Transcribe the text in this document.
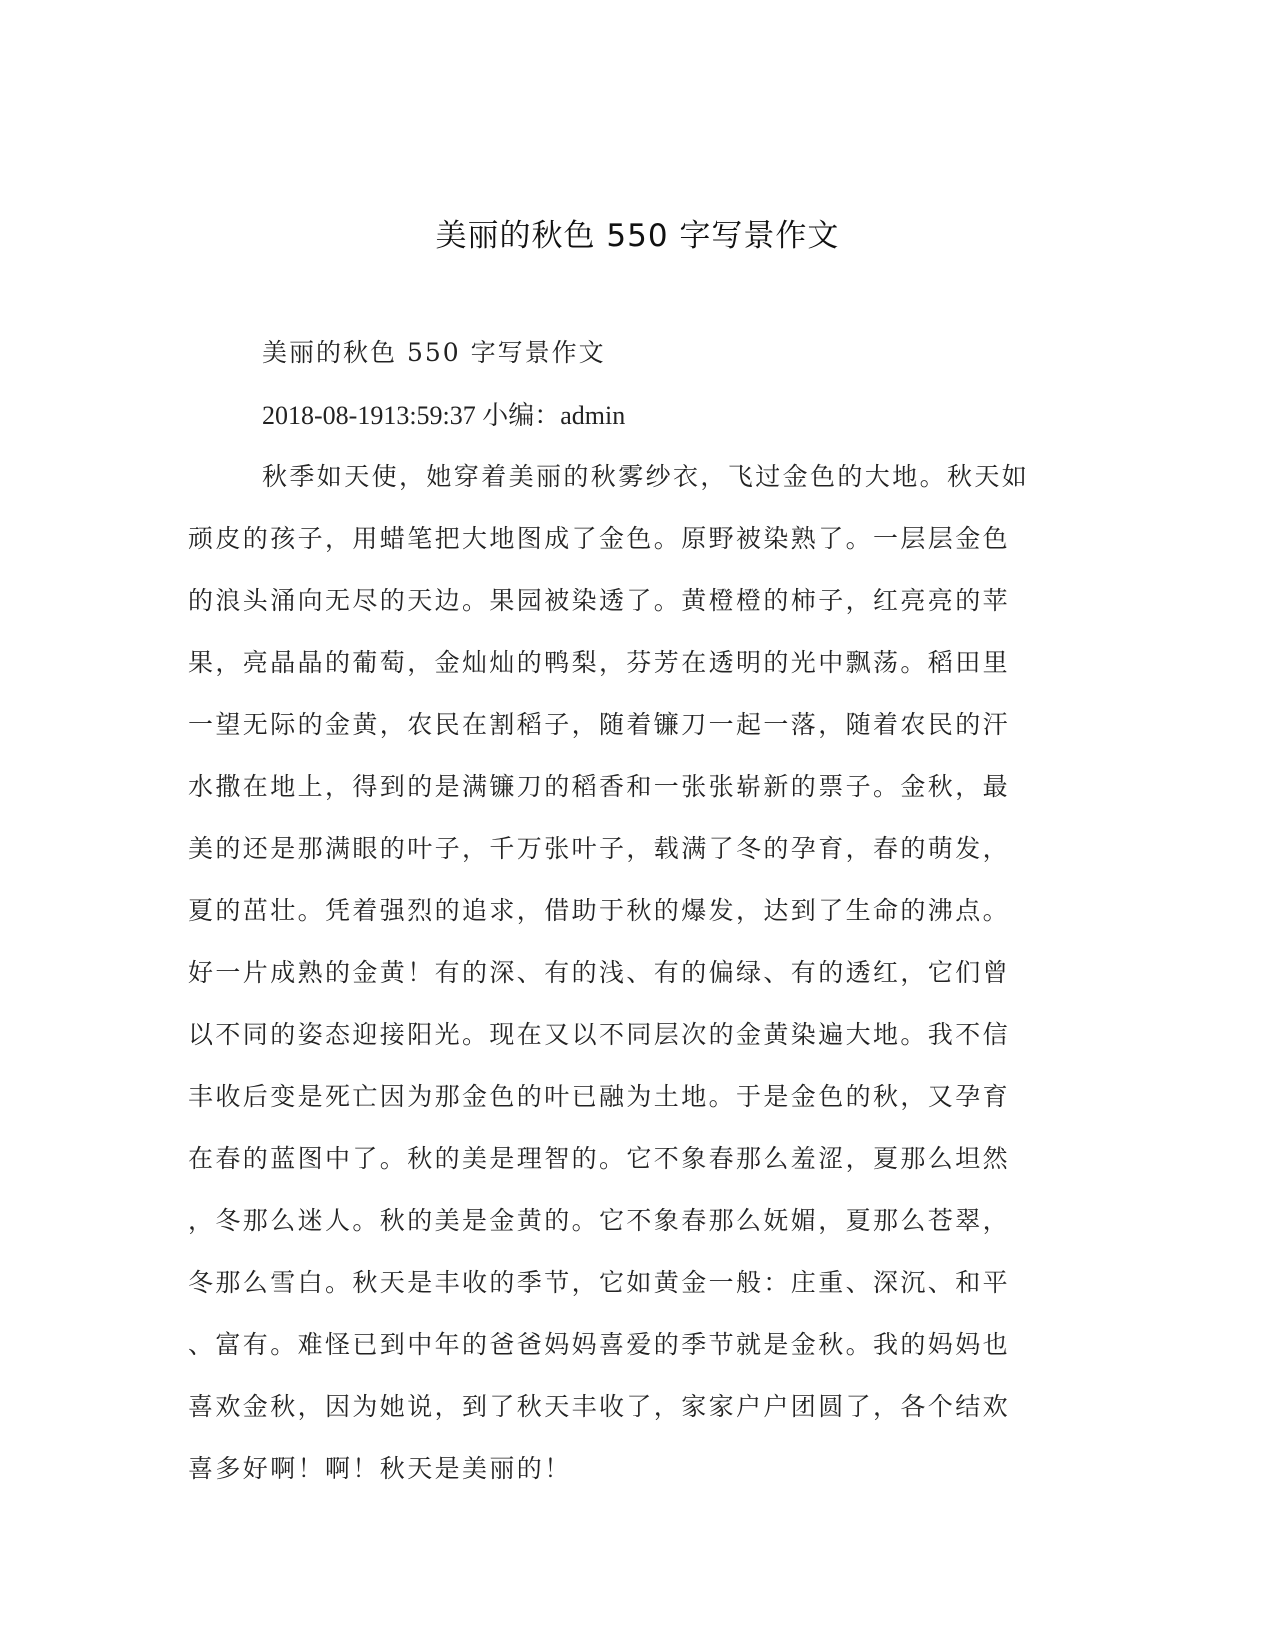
美丽的秋色 550 字写景作文
美丽的秋色 550 字写景作文
2018-08-1913:59:37 小编：admin
秋季如天使，她穿着美丽的秋雾纱衣，飞过金色的大地。秋天如
顽皮的孩子，用蜡笔把大地图成了金色。原野被染熟了。一层层金色
的浪头涌向无尽的天边。果园被染透了。黄橙橙的柿子，红亮亮的苹
果，亮晶晶的葡萄，金灿灿的鸭梨，芬芳在透明的光中飘荡。稻田里
一望无际的金黄，农民在割稻子，随着镰刀一起一落，随着农民的汗
水撒在地上，得到的是满镰刀的稻香和一张张崭新的票子。金秋，最
美的还是那满眼的叶子，千万张叶子，载满了冬的孕育，春的萌发，
夏的茁壮。凭着强烈的追求，借助于秋的爆发，达到了生命的沸点。
好一片成熟的金黄！有的深、有的浅、有的偏绿、有的透红，它们曾
以不同的姿态迎接阳光。现在又以不同层次的金黄染遍大地。我不信
丰收后变是死亡因为那金色的叶已融为土地。于是金色的秋，又孕育
在春的蓝图中了。秋的美是理智的。它不象春那么羞涩，夏那么坦然
，冬那么迷人。秋的美是金黄的。它不象春那么妩媚，夏那么苍翠，
冬那么雪白。秋天是丰收的季节，它如黄金一般：庄重、深沉、和平
、富有。难怪已到中年的爸爸妈妈喜爱的季节就是金秋。我的妈妈也
喜欢金秋，因为她说，到了秋天丰收了，家家户户团圆了，各个结欢
喜多好啊！啊！秋天是美丽的！
